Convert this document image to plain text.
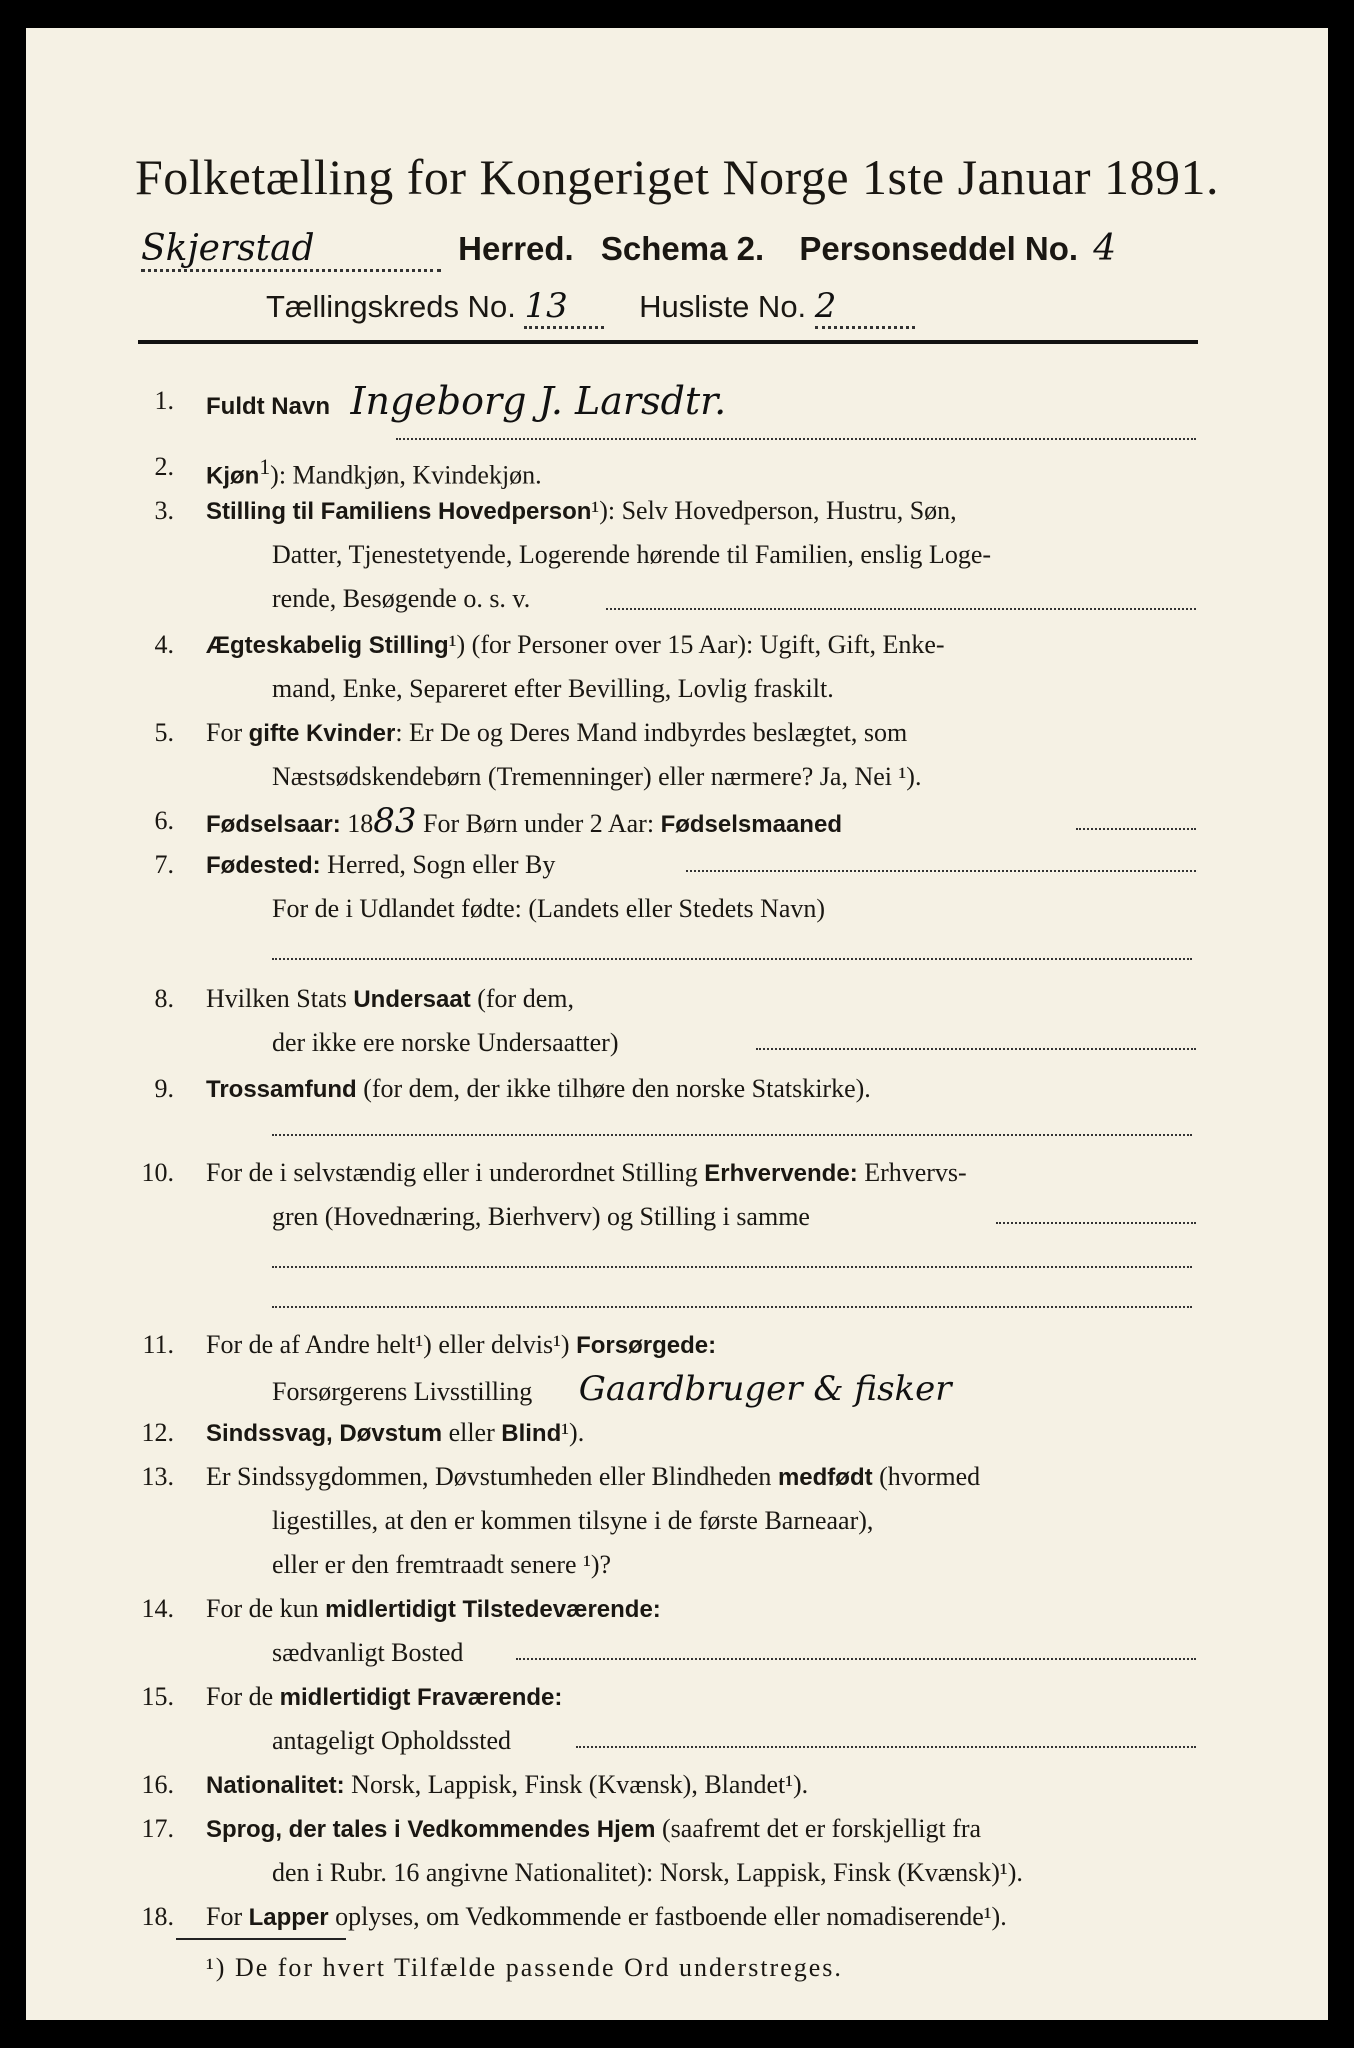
Folketælling for Kongeriget Norge 1ste Januar 1891.
Skjerstad	Herred. Schema 2. Personseddel No. 4
Tællingskreds No. 13 Husliste No. 2
1. Fuldt Navn Ingeborg J. Larsdtr.
2. Kjøn$^1$): Mandkjøn, Kvindekjøn.
3. Stilling til Familiens Hovedperson¹): Selv Hovedperson, Hustru, Søn,
Datter, Tjenestetyende, Logerende hørende til Familien, enslig Loge-
rende, Besøgende o. s. v.
4. Ægteskabelig Stilling¹) (for Personer over 15 Aar): Ugift, Gift, Enke-
mand, Enke, Separeret efter Bevilling, Lovlig fraskilt.
5. For gifte Kvinder: Er De og Deres Mand indbyrdes beslægtet, som
Næstsødskendebørn (Tremenninger) eller nærmere? Ja, Nei ¹).
6. Fødselsaar: 1883 For Børn under 2 Aar: Fødselsmaaned
7. Fødested: Herred, Sogn eller By
For de i Udlandet fødte: (Landets eller Stedets Navn)
8. Hvilken Stats Undersaat (for dem,
der ikke ere norske Undersaatter)
9. Trossamfund (for dem, der ikke tilhøre den norske Statskirke).
10. For de i selvstændig eller i underordnet Stilling Erhvervende: Erhvervs-
gren (Hovednæring, Bierhverv) og Stilling i samme
11. For de af Andre helt¹) eller delvis¹) Forsørgede:
Forsørgerens Livsstilling Gaardbruger & fisker
12. Sindssvag, Døvstum eller Blind¹).
13. Er Sindssygdommen, Døvstumheden eller Blindheden medfødt (hvormed
ligestilles, at den er kommen tilsyne i de første Barneaar),
eller er den fremtraadt senere ¹)?
14. For de kun midlertidigt Tilstedeværende:
sædvanligt Bosted
15. For de midlertidigt Fraværende:
antageligt Opholdssted
16. Nationalitet: Norsk, Lappisk, Finsk (Kvænsk), Blandet¹).
17. Sprog, der tales i Vedkommendes Hjem (saafremt det er forskjelligt fra
den i Rubr. 16 angivne Nationalitet): Norsk, Lappisk, Finsk (Kvænsk)¹).
18. For Lapper oplyses, om Vedkommende er fastboende eller nomadiserende¹).
¹) De for hvert Tilfælde passende Ord understreges.
